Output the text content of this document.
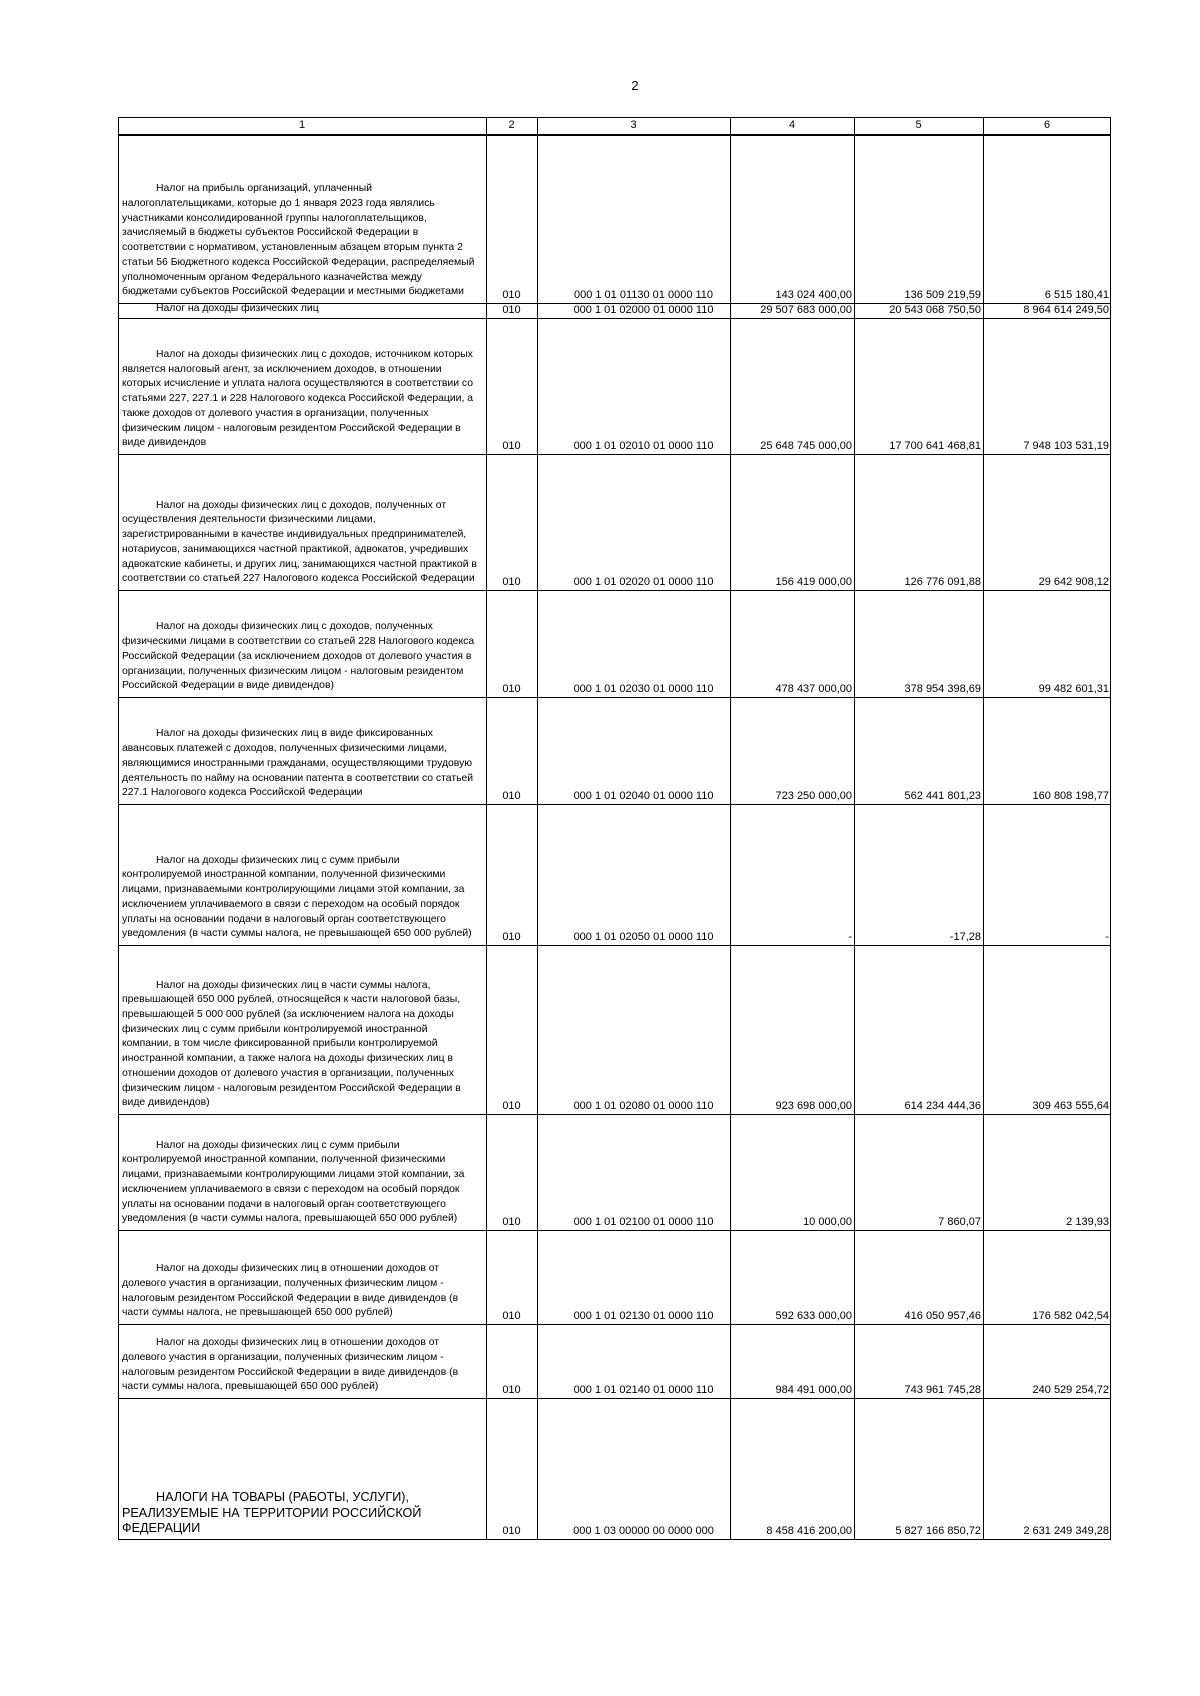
2
1	2	3	4	5	6
Налог на прибыль организаций, уплаченный налогоплательщиками, которые до 1 января 2023 года являлись участниками консолидированной группы налогоплательщиков, зачисляемый в бюджеты субъектов Российской Федерации в соответствии с нормативом, установленным абзацем вторым пункта 2 статьи 56 Бюджетного кодекса Российской Федерации, распределяемый уполномоченным органом Федерального казначейства между бюджетами субъектов Российской Федерации и местными бюджетами	010	000 1 01 01130 01 0000 110	143 024 400,00	136 509 219,59	6 515 180,41
Налог на доходы физических лиц	010	000 1 01 02000 01 0000 110	29 507 683 000,00	20 543 068 750,50	8 964 614 249,50
Налог на доходы физических лиц с доходов, источником которых является налоговый агент, за исключением доходов, в отношении которых исчисление и уплата налога осуществляются в соответствии со статьями 227, 227.1 и 228 Налогового кодекса Российской Федерации, а также доходов от долевого участия в организации, полученных физическим лицом - налоговым резидентом Российской Федерации в виде дивидендов	010	000 1 01 02010 01 0000 110	25 648 745 000,00	17 700 641 468,81	7 948 103 531,19
Налог на доходы физических лиц с доходов, полученных от осуществления деятельности физическими лицами, зарегистрированными в качестве индивидуальных предпринимателей, нотариусов, занимающихся частной практикой, адвокатов, учредивших адвокатские кабинеты, и других лиц, занимающихся частной практикой в соответствии со статьей 227 Налогового кодекса Российской Федерации	010	000 1 01 02020 01 0000 110	156 419 000,00	126 776 091,88	29 642 908,12
Налог на доходы физических лиц с доходов, полученных физическими лицами в соответствии со статьей 228 Налогового кодекса Российской Федерации (за исключением доходов от долевого участия в организации, полученных физическим лицом - налоговым резидентом Российской Федерации в виде дивидендов)	010	000 1 01 02030 01 0000 110	478 437 000,00	378 954 398,69	99 482 601,31
Налог на доходы физических лиц в виде фиксированных авансовых платежей с доходов, полученных физическими лицами, являющимися иностранными гражданами, осуществляющими трудовую деятельность по найму на основании патента в соответствии со статьей 227.1 Налогового кодекса Российской Федерации	010	000 1 01 02040 01 0000 110	723 250 000,00	562 441 801,23	160 808 198,77
Налог на доходы физических лиц с сумм прибыли контролируемой иностранной компании, полученной физическими лицами, признаваемыми контролирующими лицами этой компании, за исключением уплачиваемого в связи с переходом на особый порядок уплаты на основании подачи в налоговый орган соответствующего уведомления (в части суммы налога, не превышающей 650 000 рублей)	010	000 1 01 02050 01 0000 110	-	-17,28	-
Налог на доходы физических лиц в части суммы налога, превышающей 650 000 рублей, относящейся к части налоговой базы, превышающей 5 000 000 рублей (за исключением налога на доходы физических лиц с сумм прибыли контролируемой иностранной компании, в том числе фиксированной прибыли контролируемой иностранной компании, а также налога на доходы физических лиц в отношении доходов от долевого участия в организации, полученных физическим лицом - налоговым резидентом Российской Федерации в виде дивидендов)	010	000 1 01 02080 01 0000 110	923 698 000,00	614 234 444,36	309 463 555,64
Налог на доходы физических лиц с сумм прибыли контролируемой иностранной компании, полученной физическими лицами, признаваемыми контролирующими лицами этой компании, за исключением уплачиваемого в связи с переходом на особый порядок уплаты на основании подачи в налоговый орган соответствующего уведомления (в части суммы налога, превышающей 650 000 рублей)	010	000 1 01 02100 01 0000 110	10 000,00	7 860,07	2 139,93
Налог на доходы физических лиц в отношении доходов от долевого участия в организации, полученных физическим лицом - налоговым резидентом Российской Федерации в виде дивидендов (в части суммы налога, не превышающей 650 000 рублей)	010	000 1 01 02130 01 0000 110	592 633 000,00	416 050 957,46	176 582 042,54
Налог на доходы физических лиц в отношении доходов от долевого участия в организации, полученных физическим лицом - налоговым резидентом Российской Федерации в виде дивидендов (в части суммы налога, превышающей 650 000 рублей)	010	000 1 01 02140 01 0000 110	984 491 000,00	743 961 745,28	240 529 254,72
НАЛОГИ НА ТОВАРЫ (РАБОТЫ, УСЛУГИ), РЕАЛИЗУЕМЫЕ НА ТЕРРИТОРИИ РОССИЙСКОЙ ФЕДЕРАЦИИ	010	000 1 03 00000 00 0000 000	8 458 416 200,00	5 827 166 850,72	2 631 249 349,28
